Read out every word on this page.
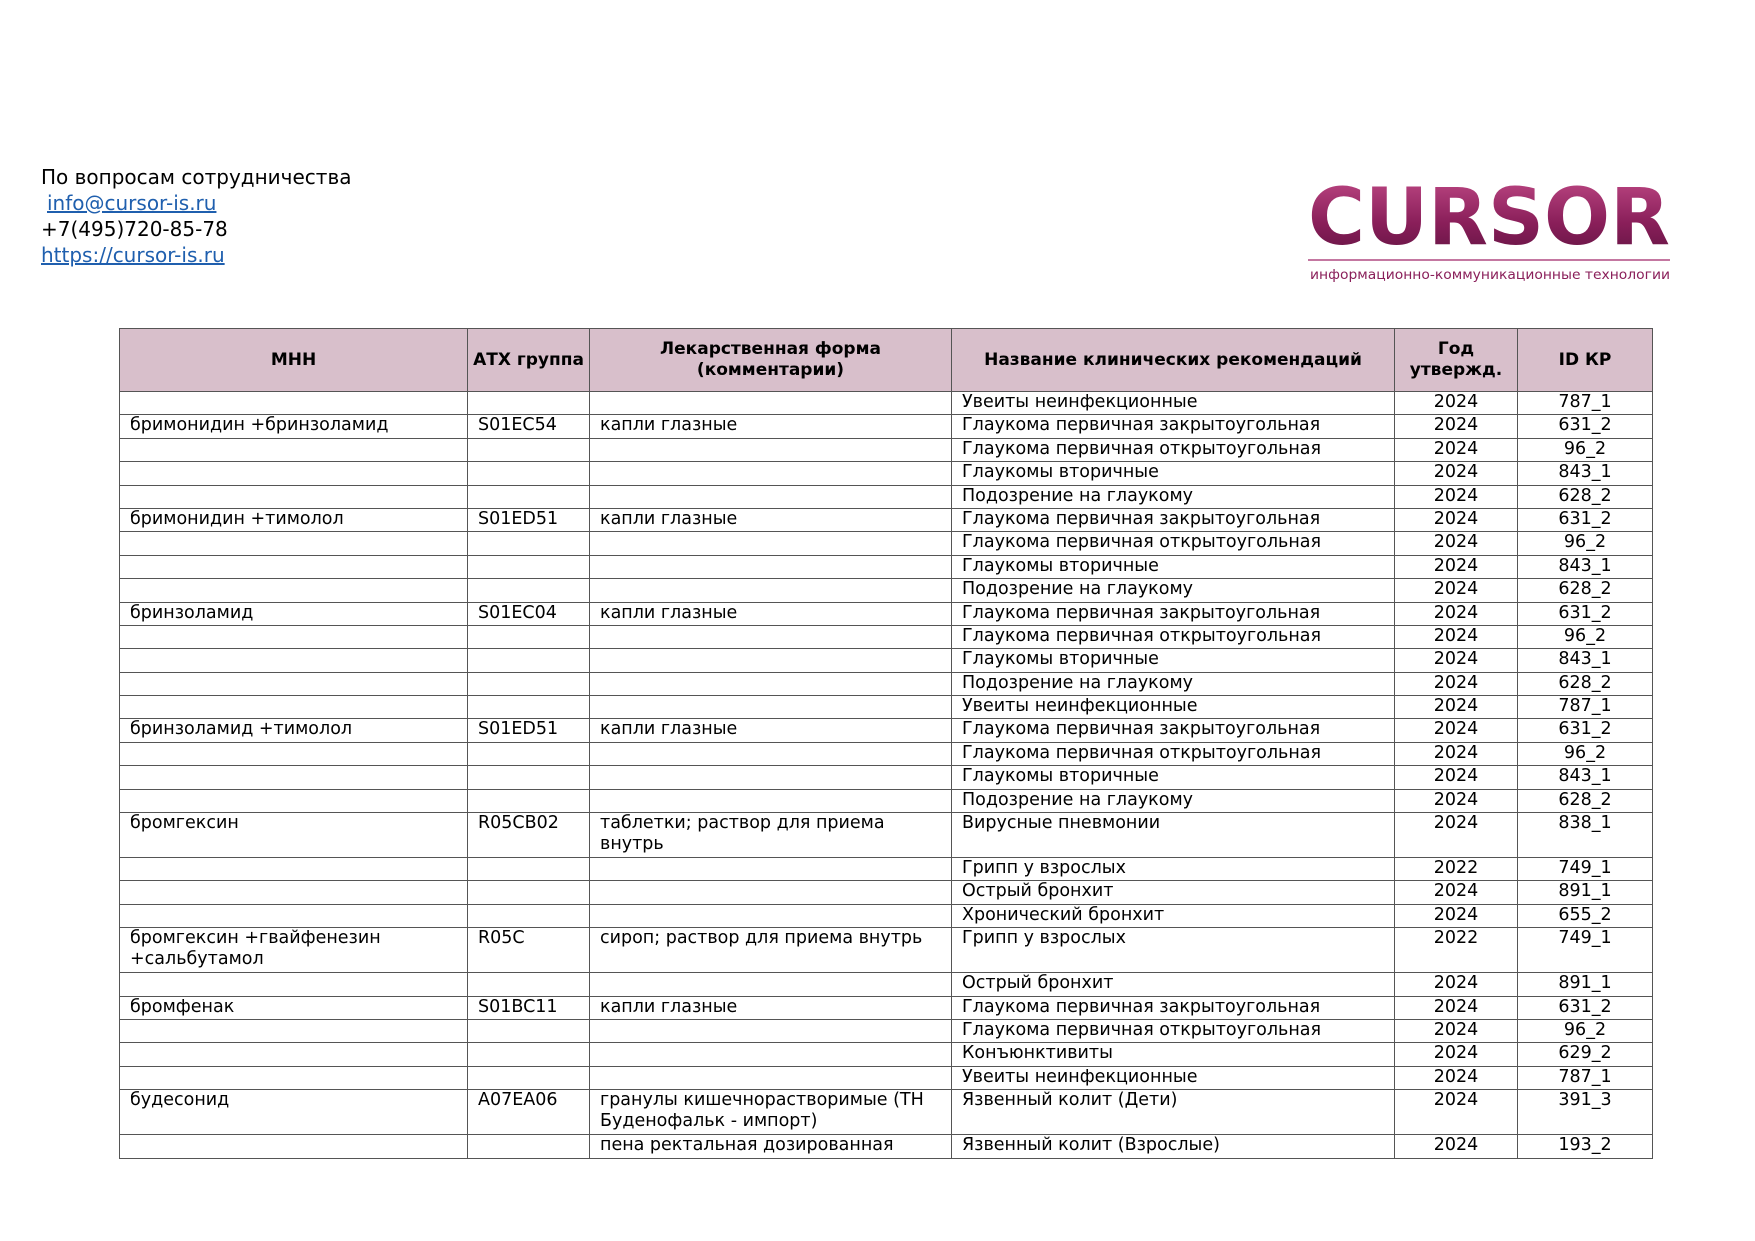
По вопросам сотрудничества
info@cursor-is.ru
+7(495)720-85-78
https://cursor-is.ru	CURSOR
информационно-коммуникационные технологии
МНН	АТХ группа	Лекарственная форма (комментарии)	Название клинических рекомендаций	Год утвержд.	ID КР
			Увеиты неинфекционные	2024	787_1
бримонидин +бринзоламид	S01EC54	капли глазные	Глаукома первичная закрытоугольная	2024	631_2
			Глаукома первичная открытоугольная	2024	96_2
			Глаукомы вторичные	2024	843_1
			Подозрение на глаукому	2024	628_2
бримонидин +тимолол	S01ED51	капли глазные	Глаукома первичная закрытоугольная	2024	631_2
			Глаукома первичная открытоугольная	2024	96_2
			Глаукомы вторичные	2024	843_1
			Подозрение на глаукому	2024	628_2
бринзоламид	S01EC04	капли глазные	Глаукома первичная закрытоугольная	2024	631_2
			Глаукома первичная открытоугольная	2024	96_2
			Глаукомы вторичные	2024	843_1
			Подозрение на глаукому	2024	628_2
			Увеиты неинфекционные	2024	787_1
бринзоламид +тимолол	S01ED51	капли глазные	Глаукома первичная закрытоугольная	2024	631_2
			Глаукома первичная открытоугольная	2024	96_2
			Глаукомы вторичные	2024	843_1
			Подозрение на глаукому	2024	628_2
бромгексин	R05CB02	таблетки; раствор для приема внутрь	Вирусные пневмонии	2024	838_1
			Грипп у взрослых	2022	749_1
			Острый бронхит	2024	891_1
			Хронический бронхит	2024	655_2
бромгексин +гвайфенезин +сальбутамол	R05C	сироп; раствор для приема внутрь	Грипп у взрослых	2022	749_1
			Острый бронхит	2024	891_1
бромфенак	S01BC11	капли глазные	Глаукома первичная закрытоугольная	2024	631_2
			Глаукома первичная открытоугольная	2024	96_2
			Конъюнктивиты	2024	629_2
			Увеиты неинфекционные	2024	787_1
будесонид	A07EA06	гранулы кишечнорастворимые (ТН Буденофальк - импорт)	Язвенный колит (Дети)	2024	391_3
		пена ректальная дозированная	Язвенный колит (Взрослые)	2024	193_2
